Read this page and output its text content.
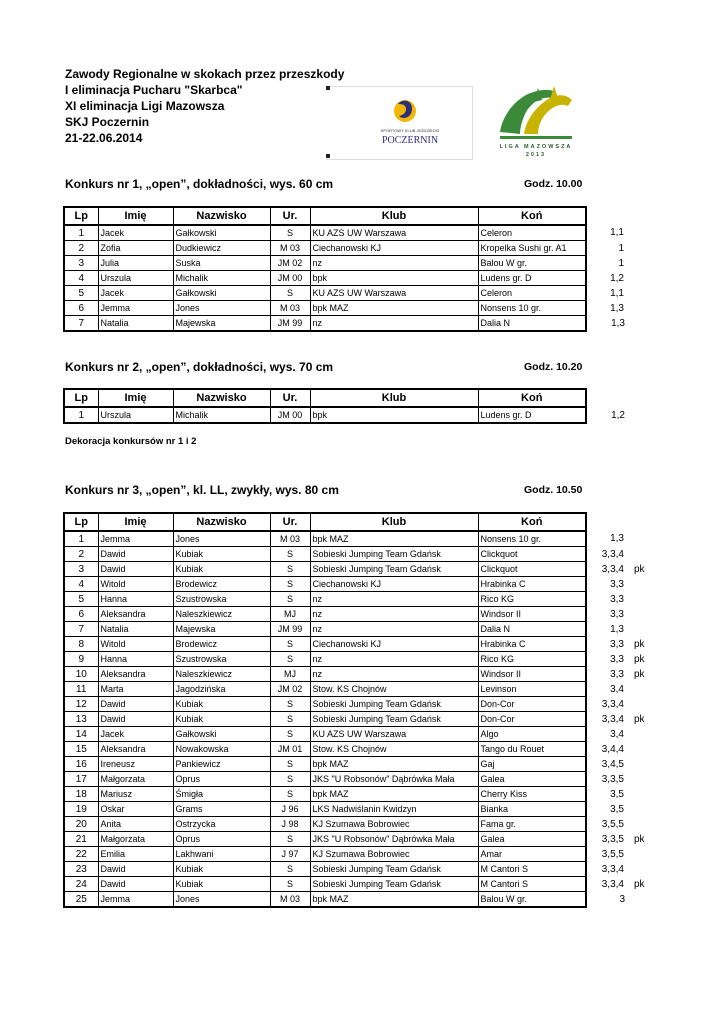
Zawody Regionalne w skokach przez przeszkody
I eliminacja Pucharu "Skarbca"
XI eliminacja Ligi Mazowsza
SKJ Poczernin
21-22.06.2014
SPORTOWY KLUB JEŹDZIECKI
POCZERNIN
LIGA MAZOWSZA
2013
Konkurs nr 1, „open”, dokładności, wys. 60 cm	Godz. 10.00
Lp	Imię	Nazwisko	Ur.	Klub	Koń		
1	Jacek	Gałkowski	S	KU AZS UW Warszawa	Celeron	1,1	
2	Zofia	Dudkiewicz	M 03	Ciechanowski KJ	Kropelka Sushi gr. A1	1	
3	Julia	Suska	JM 02	nz	Balou W gr.	1	
4	Urszula	Michalik	JM 00	bpk	Ludens gr. D	1,2	
5	Jacek	Gałkowski	S	KU AZS UW Warszawa	Celeron	1,1	
6	Jemma	Jones	M 03	bpk MAZ	Nonsens 10 gr.	1,3	
7	Natalia	Majewska	JM 99	nz	Dalia N	1,3	
Konkurs nr 2, „open”, dokładności, wys. 70 cm	Godz. 10.20
Lp	Imię	Nazwisko	Ur.	Klub	Koń		
1	Urszula	Michalik	JM 00	bpk	Ludens gr. D	1,2	
Dekoracja konkursów nr 1 i 2
Konkurs nr 3, „open”, kl. LL, zwykły, wys. 80 cm	Godz. 10.50
Lp	Imię	Nazwisko	Ur.	Klub	Koń		
1	Jemma	Jones	M 03	bpk MAZ	Nonsens 10 gr.	1,3	
2	Dawid	Kubiak	S	Sobieski Jumping Team Gdańsk	Clickquot	3,3,4	
3	Dawid	Kubiak	S	Sobieski Jumping Team Gdańsk	Clickquot	3,3,4	pk
4	Witold	Brodewicz	S	Ciechanowski KJ	Hrabinka C	3,3	
5	Hanna	Szustrowska	S	nz	Rico KG	3,3	
6	Aleksandra	Naleszkiewicz	MJ	nz	Windsor II	3,3	
7	Natalia	Majewska	JM 99	nz	Dalia N	1,3	
8	Witold	Brodewicz	S	Ciechanowski KJ	Hrabinka C	3,3	pk
9	Hanna	Szustrowska	S	nz	Rico KG	3,3	pk
10	Aleksandra	Naleszkiewicz	MJ	nz	Windsor II	3,3	pk
11	Marta	Jagodzińska	JM 02	Stow. KS Chojnów	Levinson	3,4	
12	Dawid	Kubiak	S	Sobieski Jumping Team Gdańsk	Don-Cor	3,3,4	
13	Dawid	Kubiak	S	Sobieski Jumping Team Gdańsk	Don-Cor	3,3,4	pk
14	Jacek	Gałkowski	S	KU AZS UW Warszawa	Algo	3,4	
15	Aleksandra	Nowakowska	JM 01	Stow. KS Chojnów	Tango du Rouet	3,4,4	
16	Ireneusz	Pankiewicz	S	bpk MAZ	Gaj	3,4,5	
17	Małgorzata	Oprus	S	JKS "U Robsonów" Dąbrówka Mała	Galea	3,3,5	
18	Mariusz	Śmigła	S	bpk MAZ	Cherry Kiss	3,5	
19	Oskar	Grams	J 96	LKS Nadwiślanin Kwidzyn	Bianka	3,5	
20	Anita	Ostrzycka	J 98	KJ Szumawa Bobrowiec	Fama gr.	3,5,5	
21	Małgorzata	Oprus	S	JKS "U Robsonów" Dąbrówka Mała	Galea	3,3,5	pk
22	Emilia	Lakhwani	J 97	KJ Szumawa Bobrowiec	Amar	3,5,5	
23	Dawid	Kubiak	S	Sobieski Jumping Team Gdańsk	M Cantori S	3,3,4	
24	Dawid	Kubiak	S	Sobieski Jumping Team Gdańsk	M Cantori S	3,3,4	pk
25	Jemma	Jones	M 03	bpk MAZ	Balou W gr.	3	
